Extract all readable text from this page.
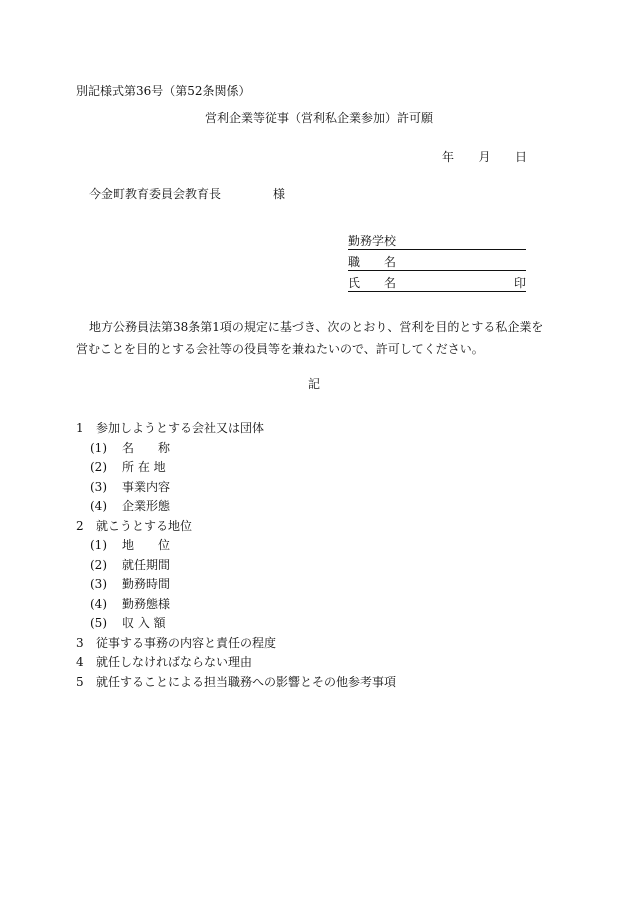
別記様式第36号（第52条関係）
営利企業等従事（営利私企業参加）許可願
年 月 日
今金町教育委員会教育長	様
勤務学校
職　　名
氏　　名	印
地方公務員法第38条第1項の規定に基づき、次のとおり、営利を目的とする私企業を営むことを目的とする会社等の役員等を兼ねたいので、許可してください。
記
1	参加しようとする会社又は団体
(1)	名　　称
(2)	所 在 地
(3)	事業内容
(4)	企業形態
2	就こうとする地位
(1)	地　　位
(2)	就任期間
(3)	勤務時間
(4)	勤務態様
(5)	収 入 額
3	従事する事務の内容と責任の程度
4	就任しなければならない理由
5	就任することによる担当職務への影響とその他参考事項
